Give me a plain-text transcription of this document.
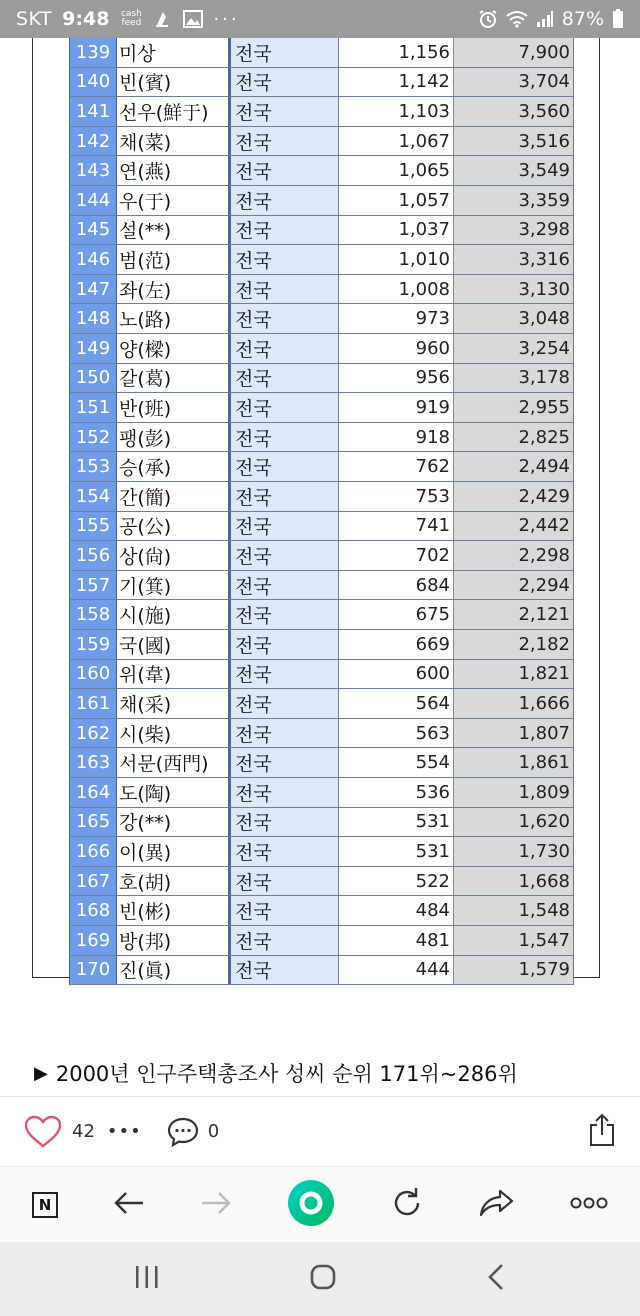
SKT 9:48 cash feed	···	87%
139 미상	전국	1,156	7,900
140 빈(賓)	전국	1,142	3,704
141 선우(鮮于)	전국	1,103	3,560
142 채(菜)	전국	1,067	3,516
143 연(燕)	전국	1,065	3,549
144 우(于)	전국	1,057	3,359
145 설(**)	전국	1,037	3,298
146 범(范)	전국	1,010	3,316
147 좌(左)	전국	1,008	3,130
148 노(路)	전국	973	3,048
149 양(樑)	전국	960	3,254
150 갈(葛)	전국	956	3,178
151 반(班)	전국	919	2,955
152 팽(彭)	전국	918	2,825
153 승(承)	전국	762	2,494
154 간(簡)	전국	753	2,429
155 공(公)	전국	741	2,442
156 상(尙)	전국	702	2,298
157 기(箕)	전국	684	2,294
158 시(施)	전국	675	2,121
159 국(國)	전국	669	2,182
160 위(韋)	전국	600	1,821
161 채(采)	전국	564	1,666
162 시(柴)	전국	563	1,807
163 서문(西門)	전국	554	1,861
164 도(陶)	전국	536	1,809
165 강(**)	전국	531	1,620
166 이(異)	전국	531	1,730
167 호(胡)	전국	522	1,668
168 빈(彬)	전국	484	1,548
169 방(邦)	전국	481	1,547
170 진(眞)	전국	444	1,579
▶ 2000년 인구주택총조사 성씨 순위 171위~286위
42 •••	0
N
